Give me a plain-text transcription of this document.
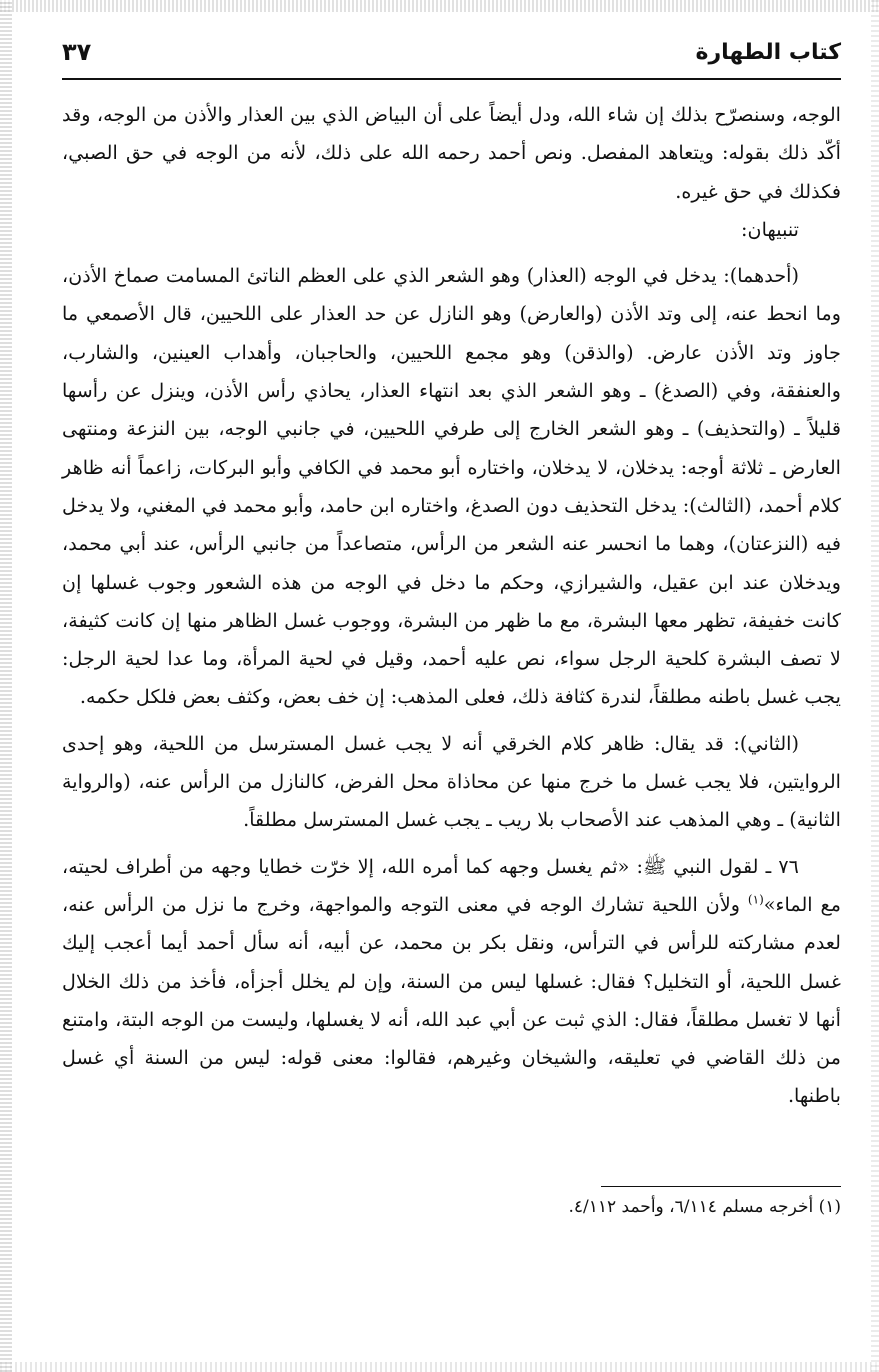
كتاب الطهارة
٣٧

الوجه، وسنصرّح بذلك إن شاء الله، ودل أيضاً على أن البياض الذي بين العذار والأذن من الوجه، وقد أكّد ذلك بقوله: ويتعاهد المفصل. ونص أحمد رحمه الله على ذلك، لأنه من الوجه في حق الصبي، فكذلك في حق غيره.

تنبيهان:

(أحدهما): يدخل في الوجه (العذار) وهو الشعر الذي على العظم الناتئ المسامت صماخ الأذن، وما انحط عنه، إلى وتد الأذن (والعارض) وهو النازل عن حد العذار على اللحيين، قال الأصمعي ما جاوز وتد الأذن عارض. (والذقن) وهو مجمع اللحيين، والحاجبان، وأهداب العينين، والشارب، والعنفقة، وفي (الصدغ) ـ وهو الشعر الذي بعد انتهاء العذار، يحاذي رأس الأذن، وينزل عن رأسها قليلاً ـ (والتحذيف) ـ وهو الشعر الخارج إلى طرفي اللحيين، في جانبي الوجه، بين النزعة ومنتهى العارض ـ ثلاثة أوجه: يدخلان، لا يدخلان، واختاره أبو محمد في الكافي وأبو البركات، زاعماً أنه ظاهر كلام أحمد، (الثالث): يدخل التحذيف دون الصدغ، واختاره ابن حامد، وأبو محمد في المغني، ولا يدخل فيه (النزعتان)، وهما ما انحسر عنه الشعر من الرأس، متصاعداً من جانبي الرأس، عند أبي محمد، ويدخلان عند ابن عقيل، والشيرازي، وحكم ما دخل في الوجه من هذه الشعور وجوب غسلها إن كانت خفيفة، تظهر معها البشرة، مع ما ظهر من البشرة، ووجوب غسل الظاهر منها إن كانت كثيفة، لا تصف البشرة كلحية الرجل سواء، نص عليه أحمد، وقيل في لحية المرأة، وما عدا لحية الرجل: يجب غسل باطنه مطلقاً، لندرة كثافة ذلك، فعلى المذهب: إن خف بعض، وكثف بعض فلكل حكمه.

(الثاني): قد يقال: ظاهر كلام الخرقي أنه لا يجب غسل المسترسل من اللحية، وهو إحدى الروايتين، فلا يجب غسل ما خرج منها عن محاذاة محل الفرض، كالنازل من الرأس عنه، (والرواية الثانية) ـ وهي المذهب عند الأصحاب بلا ريب ـ يجب غسل المسترسل مطلقاً.

٧٦ ـ لقول النبي ﷺ: «ثم يغسل وجهه كما أمره الله، إلا خرّت خطايا وجهه من أطراف لحيته، مع الماء»$^{(١)}$ ولأن اللحية تشارك الوجه في معنى التوجه والمواجهة، وخرج ما نزل من الرأس عنه، لعدم مشاركته للرأس في الترأس، ونقل بكر بن محمد، عن أبيه، أنه سأل أحمد أيما أعجب إليك غسل اللحية، أو التخليل؟ فقال: غسلها ليس من السنة، وإن لم يخلل أجزأه، فأخذ من ذلك الخلال أنها لا تغسل مطلقاً، فقال: الذي ثبت عن أبي عبد الله، أنه لا يغسلها، وليست من الوجه البتة، وامتنع من ذلك القاضي في تعليقه، والشيخان وغيرهم، فقالوا: معنى قوله: ليس من السنة أي غسل باطنها.

(١) أخرجه مسلم ٦/١١٤، وأحمد ٤/١١٢.
